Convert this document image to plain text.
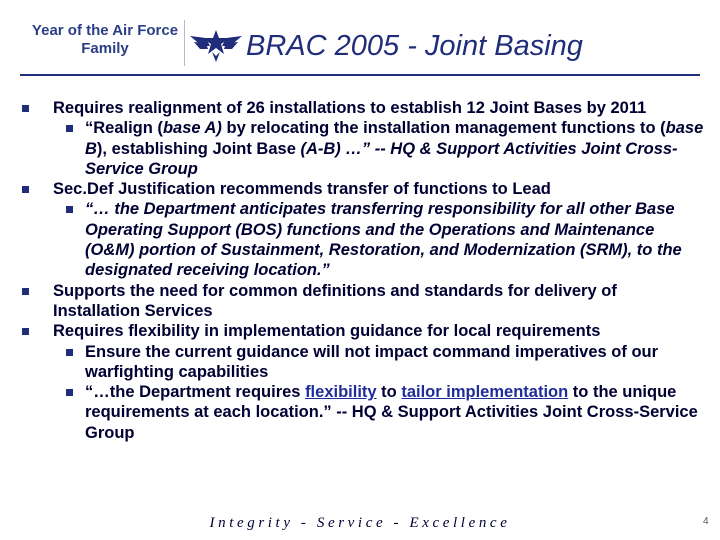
Year of the Air Force
Family	BRAC 2005 - Joint Basing

Requires realignment of 26 installations to establish 12 Joint Bases by 2011

“Realign (base A) by relocating the installation management functions to (base B), establishing Joint Base (A-B) …” -- HQ & Support Activities Joint Cross-Service Group

Sec.Def Justification recommends transfer of functions to Lead

“… the Department anticipates transferring responsibility for all other Base Operating Support (BOS) functions and the Operations and Maintenance (O&M) portion of Sustainment, Restoration, and Modernization (SRM), to the designated receiving location.”

Supports the need for common definitions and standards for delivery of Installation Services

Requires flexibility in implementation guidance for local requirements

Ensure the current guidance will not impact command imperatives of our warfighting capabilities

“…the Department requires flexibility to tailor implementation to the unique requirements at each location.” -- HQ & Support Activities Joint Cross-Service Group

Integrity - Service - Excellence	4
